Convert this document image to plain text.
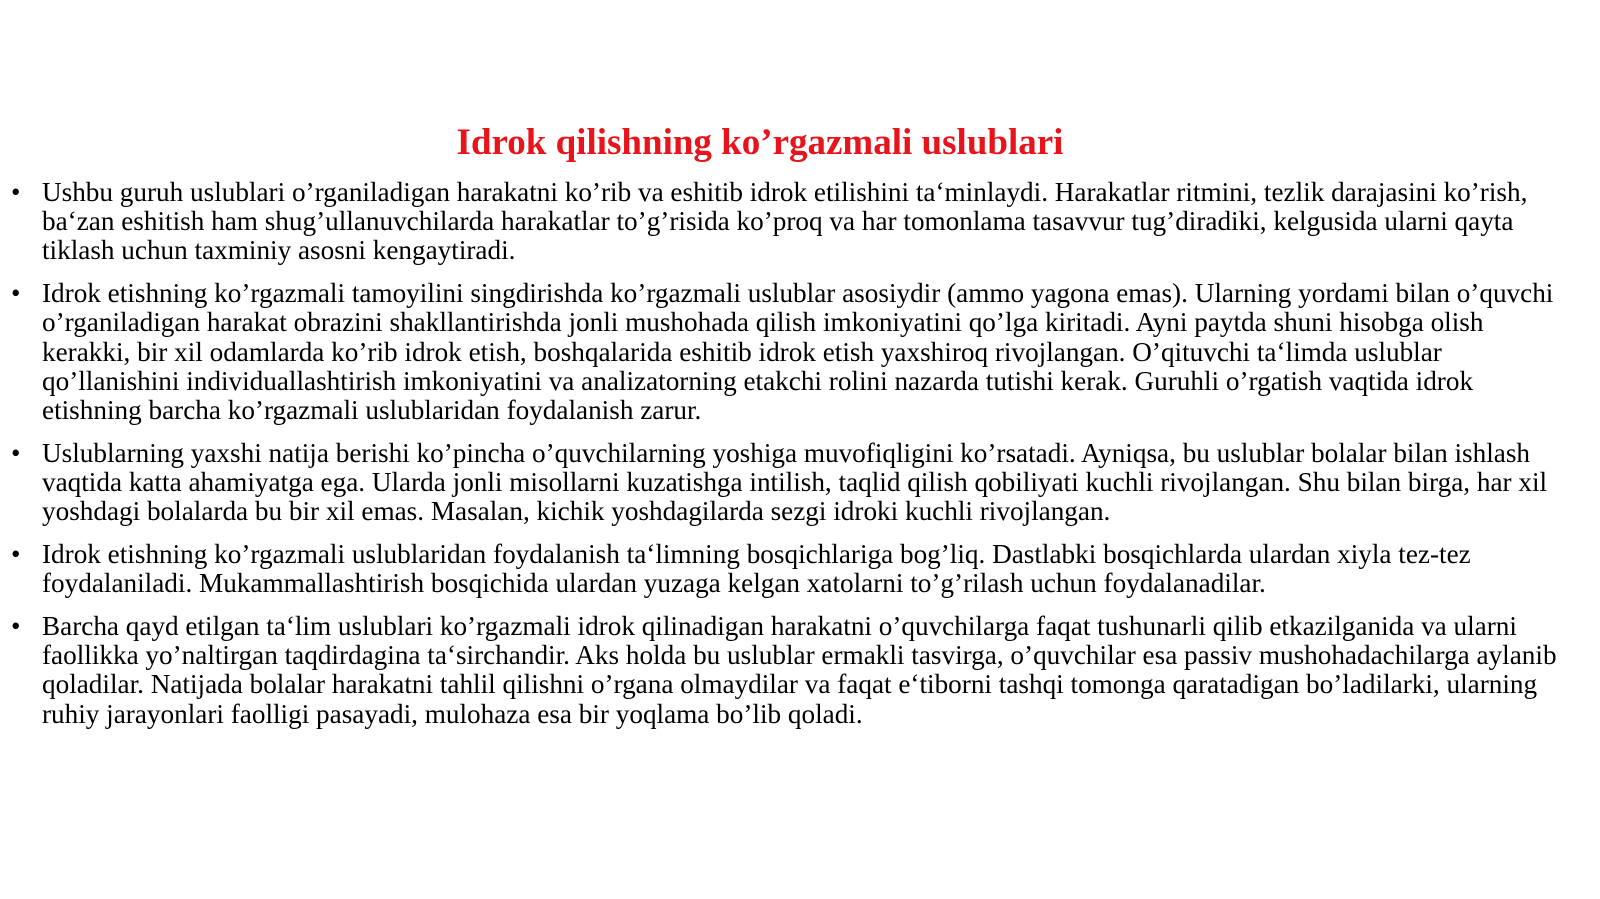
Idrok qilishning ko’rgazmali uslublari
• Ushbu guruh uslublari o’rganiladigan harakatni ko’rib va eshitib idrok etilishini ta‘minlaydi. Harakatlar ritmini, tezlik darajasini ko’rish, ba‘zan eshitish ham shug’ullanuvchilarda harakatlar to’g’risida ko’proq va har tomonlama tasavvur tug’diradiki, kelgusida ularni qayta tiklash uchun taxminiy asosni kengaytiradi.
• Idrok etishning ko’rgazmali tamoyilini singdirishda ko’rgazmali uslublar asosiydir (ammo yagona emas). Ularning yordami bilan o’quvchi o’rganiladigan harakat obrazini shakllantirishda jonli mushohada qilish imkoniyatini qo’lga kiritadi. Ayni paytda shuni hisobga olish kerakki, bir xil odamlarda ko’rib idrok etish, boshqalarida eshitib idrok etish yaxshiroq rivojlangan. O’qituvchi ta‘limda uslublar qo’llanishini individuallashtirish imkoniyatini va analizatorning etakchi rolini nazarda tutishi kerak. Guruhli o’rgatish vaqtida idrok etishning barcha ko’rgazmali uslublaridan foydalanish zarur.
• Uslublarning yaxshi natija berishi ko’pincha o’quvchilarning yoshiga muvofiqligini ko’rsatadi. Ayniqsa, bu uslublar bolalar bilan ishlash vaqtida katta ahamiyatga ega. Ularda jonli misollarni kuzatishga intilish, taqlid qilish qobiliyati kuchli rivojlangan. Shu bilan birga, har xil yoshdagi bolalarda bu bir xil emas. Masalan, kichik yoshdagilarda sezgi idroki kuchli rivojlangan.
• Idrok etishning ko’rgazmali uslublaridan foydalanish ta‘limning bosqichlariga bog’liq. Dastlabki bosqichlarda ulardan xiyla tez-tez foydalaniladi. Mukammallashtirish bosqichida ulardan yuzaga kelgan xatolarni to’g’rilash uchun foydalanadilar.
• Barcha qayd etilgan ta‘lim uslublari ko’rgazmali idrok qilinadigan harakatni o’quvchilarga faqat tushunarli qilib etkazilganida va ularni faollikka yo’naltirgan taqdirdagina ta‘sirchandir. Aks holda bu uslublar ermakli tasvirga, o’quvchilar esa passiv mushohadachilarga aylanib qoladilar. Natijada bolalar harakatni tahlil qilishni o’rgana olmaydilar va faqat e‘tiborni tashqi tomonga qaratadigan bo’ladilarki, ularning ruhiy jarayonlari faolligi pasayadi, mulohaza esa bir yoqlama bo’lib qoladi.
